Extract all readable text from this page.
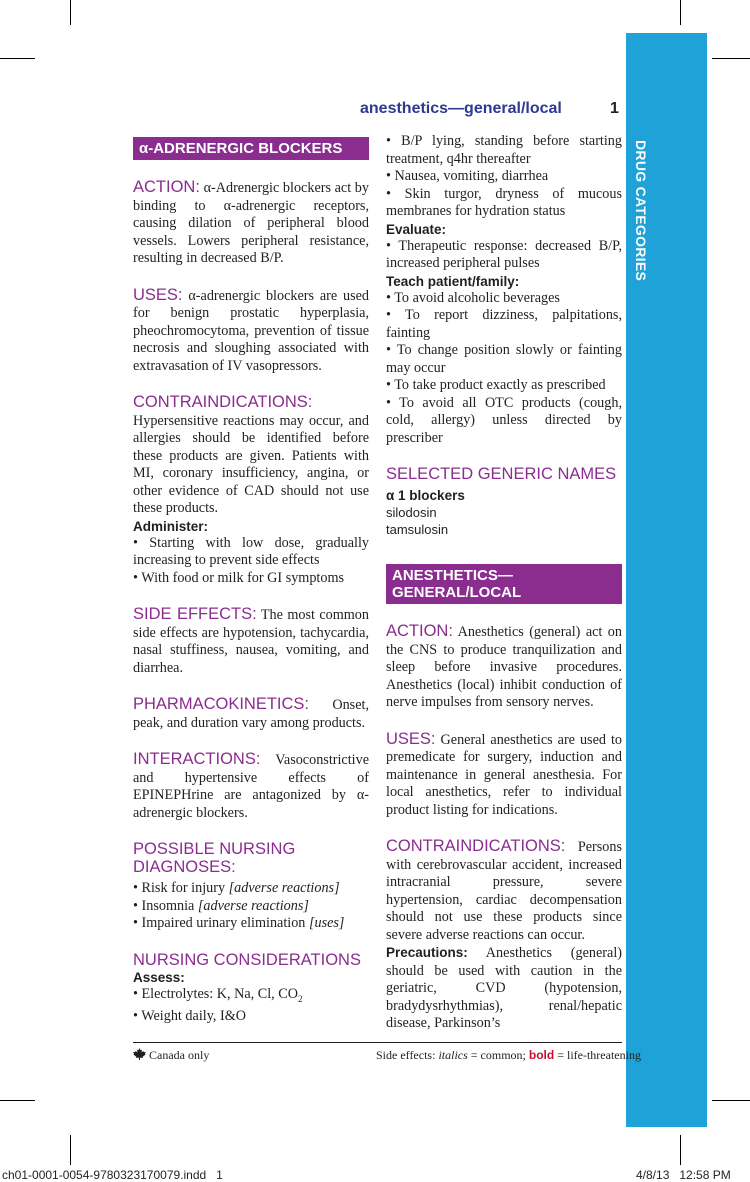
DRUG CATEGORIES
anesthetics—general/local	1
α-ADRENERGIC BLOCKERS

ACTION: α-Adrenergic blockers act by binding to α-adrenergic receptors, causing dilation of peripheral blood vessels. Lowers peripheral resistance, resulting in decreased B/P.

USES: α-adrenergic blockers are used for benign prostatic hyperplasia, pheochromocytoma, prevention of tissue necrosis and sloughing associated with extravasation of IV vasopressors.

CONTRAINDICATIONS: Hypersensitive reactions may occur, and allergies should be identified before these products are given. Patients with MI, coronary insufficiency, angina, or other evidence of CAD should not use these products.

Administer:
• Starting with low dose, gradually increasing to prevent side effects
• With food or milk for GI symptoms

SIDE EFFECTS: The most common side effects are hypotension, tachycardia, nasal stuffiness, nausea, vomiting, and diarrhea.

PHARMACOKINETICS: Onset, peak, and duration vary among products.

INTERACTIONS: Vasoconstrictive and hypertensive effects of EPINEPHrine are antagonized by α-adrenergic blockers.

POSSIBLE NURSING DIAGNOSES:
• Risk for injury [adverse reactions]
• Insomnia [adverse reactions]
• Impaired urinary elimination [uses]
NURSING CONSIDERATIONS
Assess:
• Electrolytes: K, Na, Cl, $CO_2$
• Weight daily, I&O
• B/P lying, standing before starting treatment, q4hr thereafter
• Nausea, vomiting, diarrhea
• Skin turgor, dryness of mucous membranes for hydration status
Evaluate:
• Therapeutic response: decreased B/P, increased peripheral pulses
Teach patient/family:
• To avoid alcoholic beverages
• To report dizziness, palpitations, fainting
• To change position slowly or fainting may occur
• To take product exactly as prescribed
• To avoid all OTC products (cough, cold, allergy) unless directed by prescriber
SELECTED GENERIC NAMES
α 1 blockers
silodosin
tamsulosin
ANESTHETICS—
GENERAL/LOCAL

ACTION: Anesthetics (general) act on the CNS to produce tranquilization and sleep before invasive procedures. Anesthetics (local) inhibit conduction of nerve impulses from sensory nerves.

USES: General anesthetics are used to premedicate for surgery, induction and maintenance in general anesthesia. For local anesthetics, refer to individual product listing for indications.

CONTRAINDICATIONS: Persons with cerebrovascular accident, increased intracranial pressure, severe hypertension, cardiac decompensation should not use these products since severe adverse reactions can occur.

Precautions: Anesthetics (general) should be used with caution in the geriatric, CVD (hypotension, bradydysrhythmias), renal/hepatic disease, Parkinson’s

Canada only	Side effects: italics = common; bold = life-threatening
ch01-0001-0054-9780323170079.indd   1	4/8/13   12:58 PM
